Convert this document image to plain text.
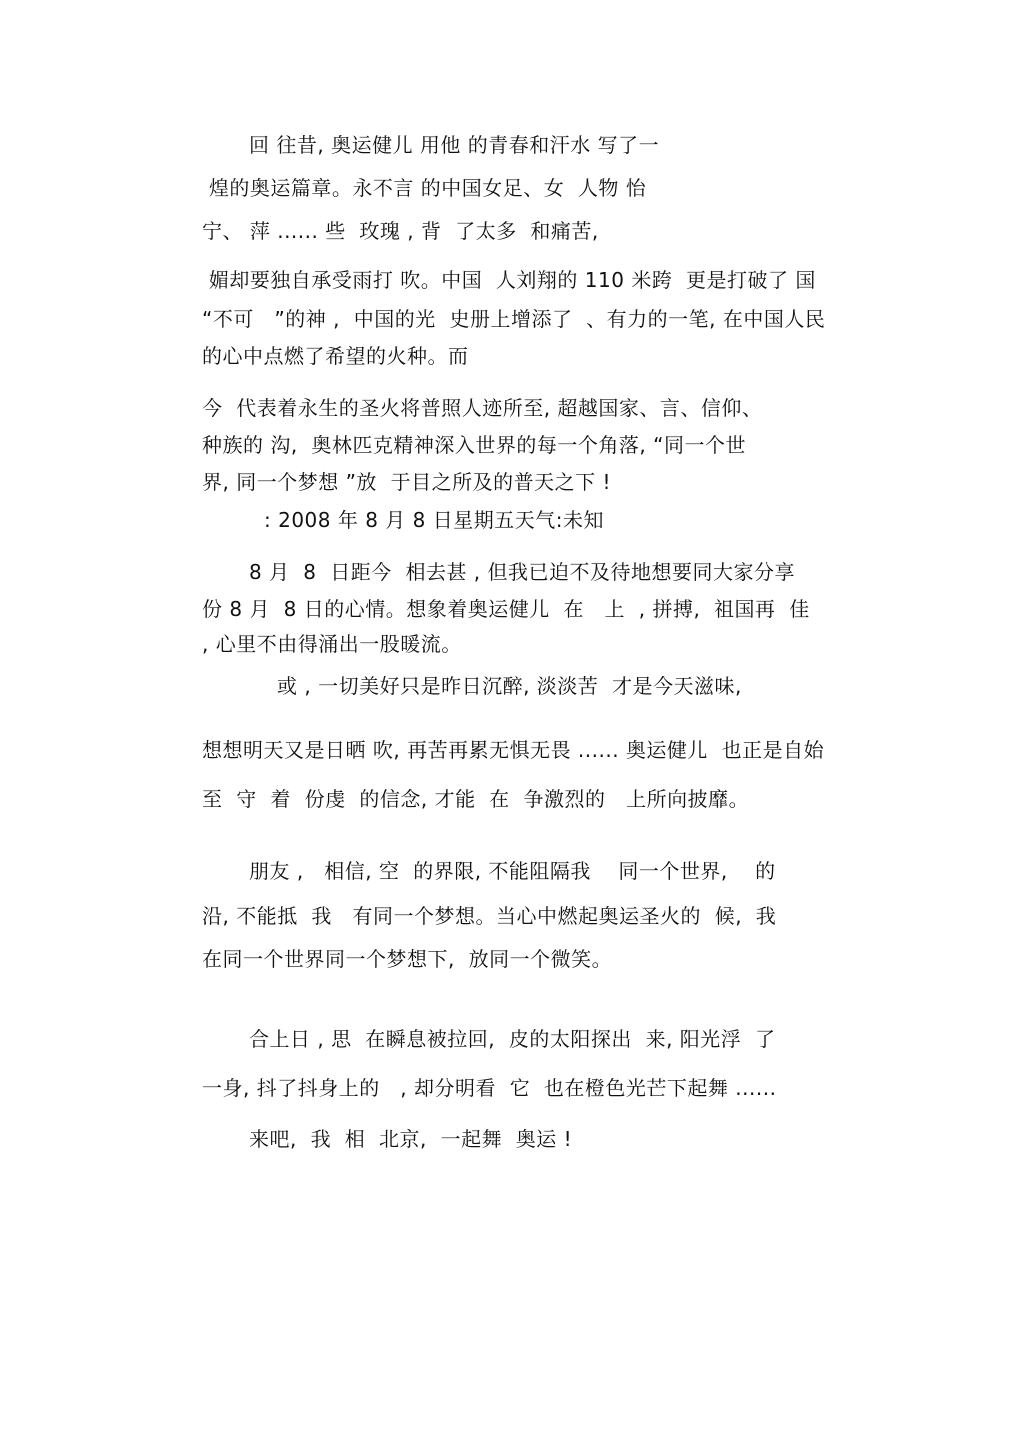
回 往昔, 奥运健儿 用他 的青春和汗水 写了一
煌的奥运篇章。永不言 的中国女足、女  人物 怡
宁、 萍 ...... 些  玫瑰 , 背  了太多  和痛苦,
媚却要独自承受雨打 吹。中国  人刘翔的 110 米跨  更是打破了 国
“不可   ”的神 ,  中国的光  史册上增添了  、有力的一笔, 在中国人民
的心中点燃了希望的火种。而
今  代表着永生的圣火将普照人迹所至, 超越国家、言、信仰、
种族的 沟,  奥林匹克精神深入世界的每一个角落, “同一个世
界, 同一个梦想 ”放  于目之所及的普天之下 !
: 2008 年 8 月 8 日星期五天气:未知
8 月  8  日距今  相去甚 , 但我已迫不及待地想要同大家分享
份 8 月  8 日的心情。想象着奥运健儿  在   上  , 拼搏,  祖国再  佳
, 心里不由得涌出一股暖流。
或 , 一切美好只是昨日沉醉, 淡淡苦  才是今天滋味,
想想明天又是日晒 吹, 再苦再累无惧无畏 ...... 奥运健儿  也正是自始
至  守  着  份虔  的信念, 才能  在  争激烈的   上所向披靡。
朋友 ,   相信, 空  的界限, 不能阻隔我    同一个世界,    的
沿, 不能抵  我   有同一个梦想。当心中燃起奥运圣火的  候,  我
在同一个世界同一个梦想下,  放同一个微笑。
合上日 , 思  在瞬息被拉回,  皮的太阳探出  来, 阳光浮  了
一身, 抖了抖身上的   , 却分明看  它  也在橙色光芒下起舞 ......
来吧,  我  相  北京,  一起舞  奥运 !
